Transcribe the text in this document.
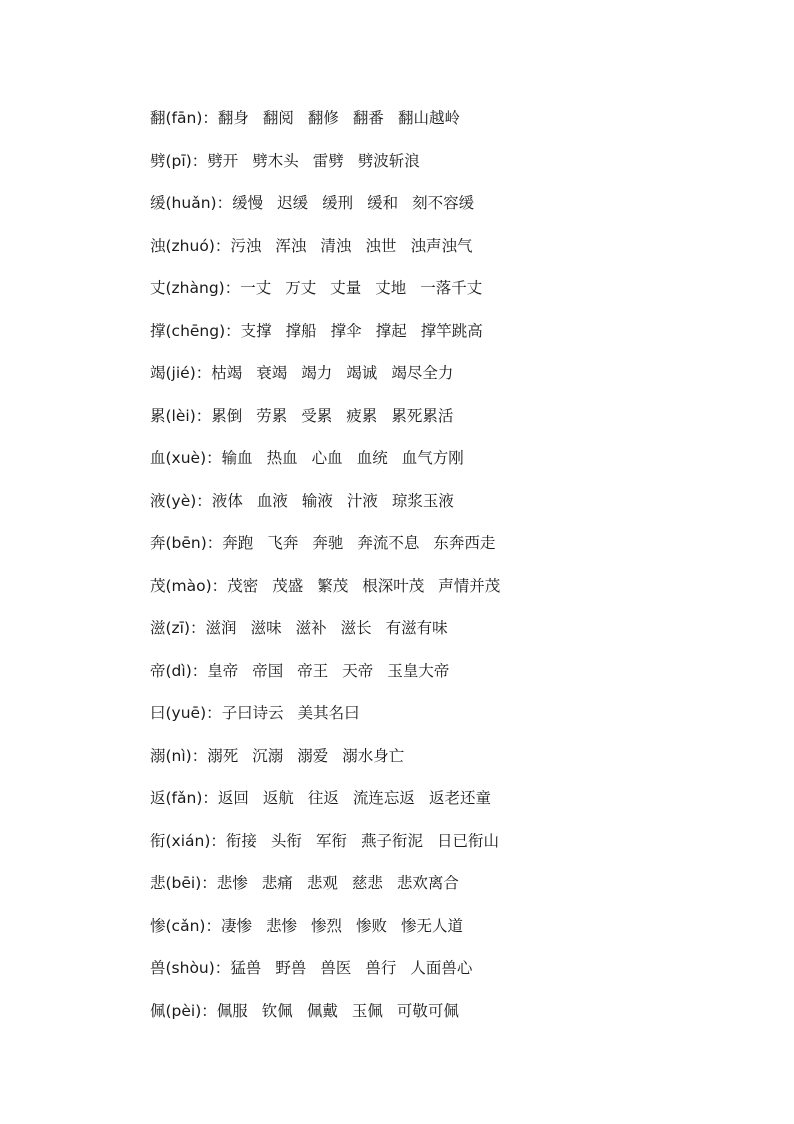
翻(fān)：翻身 翻阅 翻修 翻番 翻山越岭
劈(pī)：劈开 劈木头 雷劈 劈波斩浪
缓(huǎn)：缓慢 迟缓 缓刑 缓和 刻不容缓
浊(zhuó)：污浊 浑浊 清浊 浊世 浊声浊气
丈(zhàng)：一丈 万丈 丈量 丈地 一落千丈
撑(chēng)：支撑 撑船 撑伞 撑起 撑竿跳高
竭(jié)：枯竭 衰竭 竭力 竭诚 竭尽全力
累(lèi)：累倒 劳累 受累 疲累 累死累活
血(xuè)：输血 热血 心血 血统 血气方刚
液(yè)：液体 血液 输液 汁液 琼浆玉液
奔(bēn)：奔跑 飞奔 奔驰 奔流不息 东奔西走
茂(mào)：茂密 茂盛 繁茂 根深叶茂 声情并茂
滋(zī)：滋润 滋味 滋补 滋长 有滋有味
帝(dì)：皇帝 帝国 帝王 天帝 玉皇大帝
曰(yuē)：子曰诗云 美其名曰
溺(nì)：溺死 沉溺 溺爱 溺水身亡
返(fǎn)：返回 返航 往返 流连忘返 返老还童
衔(xián)：衔接 头衔 军衔 燕子衔泥 日已衔山
悲(bēi)：悲惨 悲痛 悲观 慈悲 悲欢离合
惨(cǎn)：凄惨 悲惨 惨烈 惨败 惨无人道
兽(shòu)：猛兽 野兽 兽医 兽行 人面兽心
佩(pèi)：佩服 钦佩 佩戴 玉佩 可敬可佩
